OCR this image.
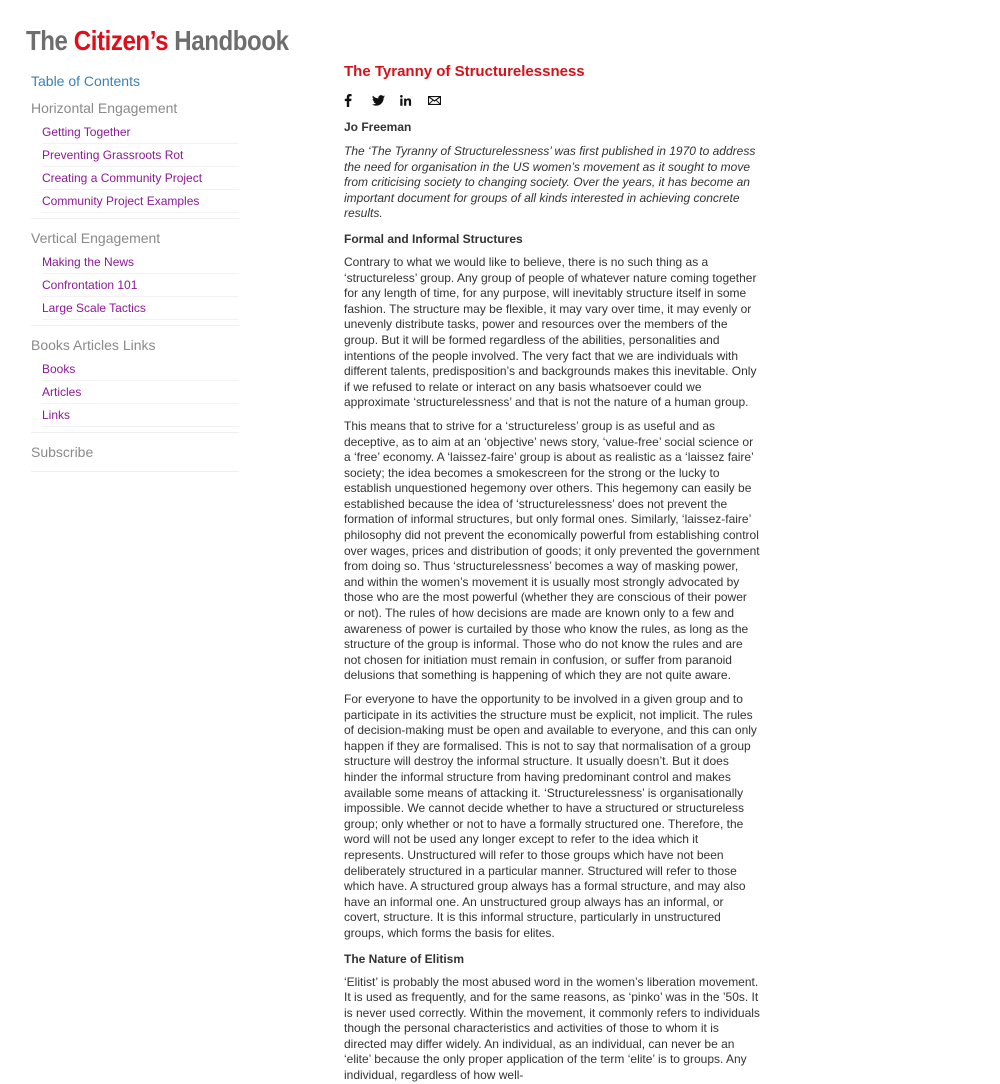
The Citizen’s Handbook
Table of Contents
Horizontal Engagement
Getting Together
Preventing Grassroots Rot
Creating a Community Project
Community Project Examples
Vertical Engagement
Making the News
Confrontation 101
Large Scale Tactics
Books Articles Links
Books
Articles
Links
Subscribe
The Tyranny of Structurelessness
Jo Freeman

The ‘The Tyranny of Structurelessness’ was first published in 1970 to address the need for organisation in the US women’s movement as it sought to move from criticising society to changing society. Over the years, it has become an important document for groups of all kinds interested in achieving concrete results.

Formal and Informal Structures

Contrary to what we would like to believe, there is no such thing as a ‘structureless’ group. Any group of people of whatever nature coming together for any length of time, for any purpose, will inevitably structure itself in some fashion. The structure may be flexible, it may vary over time, it may evenly or unevenly distribute tasks, power and resources over the members of the group. But it will be formed regardless of the abilities, personalities and intentions of the people involved. The very fact that we are individuals with different talents, predisposition’s and backgrounds makes this inevitable. Only if we refused to relate or interact on any basis whatsoever could we approximate ‘structurelessness’ and that is not the nature of a human group.

This means that to strive for a ‘structureless’ group is as useful and as deceptive, as to aim at an ‘objective’ news story, ‘value-free’ social science or a ‘free’ economy. A ‘laissez-faire’ group is about as realistic as a ‘laissez faire’ society; the idea becomes a smokescreen for the strong or the lucky to establish unquestioned hegemony over others. This hegemony can easily be established because the idea of ‘structurelessness’ does not prevent the formation of informal structures, but only formal ones. Similarly, ‘laissez-faire’ philosophy did not prevent the economically powerful from establishing control over wages, prices and distribution of goods; it only prevented the government from doing so. Thus ‘structurelessness’ becomes a way of masking power, and within the women’s movement it is usually most strongly advocated by those who are the most powerful (whether they are conscious of their power or not). The rules of how decisions are made are known only to a few and awareness of power is curtailed by those who know the rules, as long as the structure of the group is informal. Those who do not know the rules and are not chosen for initiation must remain in confusion, or suffer from paranoid delusions that something is happening of which they are not quite aware.

For everyone to have the opportunity to be involved in a given group and to participate in its activities the structure must be explicit, not implicit. The rules of decision-making must be open and available to everyone, and this can only happen if they are formalised. This is not to say that normalisation of a group structure will destroy the informal structure. It usually doesn’t. But it does hinder the informal structure from having predominant control and makes available some means of attacking it. ‘Structurelessness’ is organisationally impossible. We cannot decide whether to have a structured or structureless group; only whether or not to have a formally structured one. Therefore, the word will not be used any longer except to refer to the idea which it represents. Unstructured will refer to those groups which have not been deliberately structured in a particular manner. Structured will refer to those which have. A structured group always has a formal structure, and may also have an informal one. An unstructured group always has an informal, or covert, structure. It is this informal structure, particularly in unstructured groups, which forms the basis for elites.

The Nature of Elitism

‘Elitist’ is probably the most abused word in the women’s liberation movement. It is used as frequently, and for the same reasons, as ‘pinko’ was in the ’50s. It is never used correctly. Within the movement, it commonly refers to individuals though the personal characteristics and activities of those to whom it is directed may differ widely. An individual, as an individual, can never be an ‘elite’ because the only proper application of the term ‘elite’ is to groups. Any individual, regardless of how well-
